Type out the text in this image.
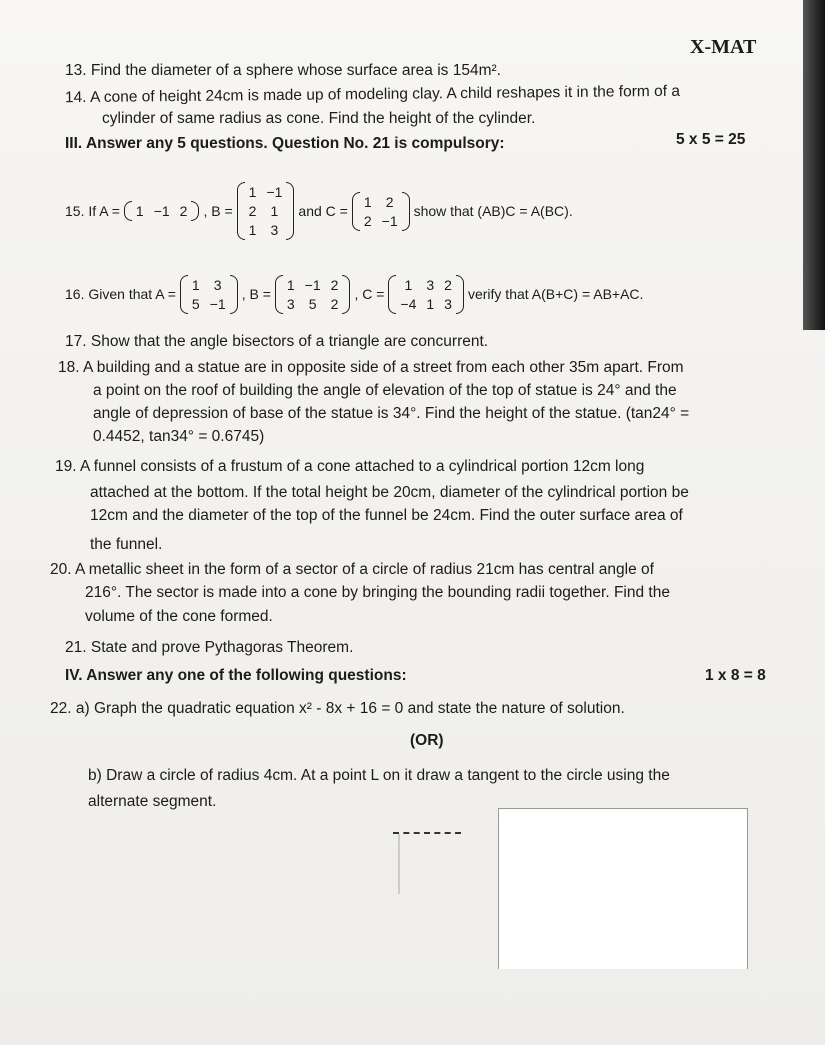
X-MAT
13. Find the diameter of a sphere whose surface area is 154m².
14. A cone of height 24cm is made up of modeling clay. A child reshapes it in the form of a
cylinder of same radius as cone. Find the height of the cylinder.
III. Answer any 5 questions. Question No. 21 is compulsory:	5 x 5 = 25
15.
If A = 1 −1 2 , B =
1 −1
2 1
1 3
and C =
1 2
2 −1
show that (AB)C = A(BC).
16.
Given that A =
1 3
5 −1
, B =
1 −1 2
3 5 2
, C =
1 3 2
−4 1 3
verify that A(B+C) = AB+AC.
17. Show that the angle bisectors of a triangle are concurrent.
18. A building and a statue are in opposite side of a street from each other 35m apart. From
a point on the roof of building the angle of elevation of the top of statue is 24° and the
angle of depression of base of the statue is 34°. Find the height of the statue. (tan24° =
0.4452, tan34° = 0.6745)
19. A funnel consists of a frustum of a cone attached to a cylindrical portion 12cm long
attached at the bottom. If the total height be 20cm, diameter of the cylindrical portion be
12cm and the diameter of the top of the funnel be 24cm. Find the outer surface area of
the funnel.
20. A metallic sheet in the form of a sector of a circle of radius 21cm has central angle of
216°. The sector is made into a cone by bringing the bounding radii together. Find the
volume of the cone formed.
21. State and prove Pythagoras Theorem.
IV. Answer any one of the following questions:	1 x 8 = 8
22. a) Graph the quadratic equation x² - 8x + 16 = 0 and state the nature of solution.
(OR)
b) Draw a circle of radius 4cm. At a point L on it draw a tangent to the circle using the
alternate segment.
